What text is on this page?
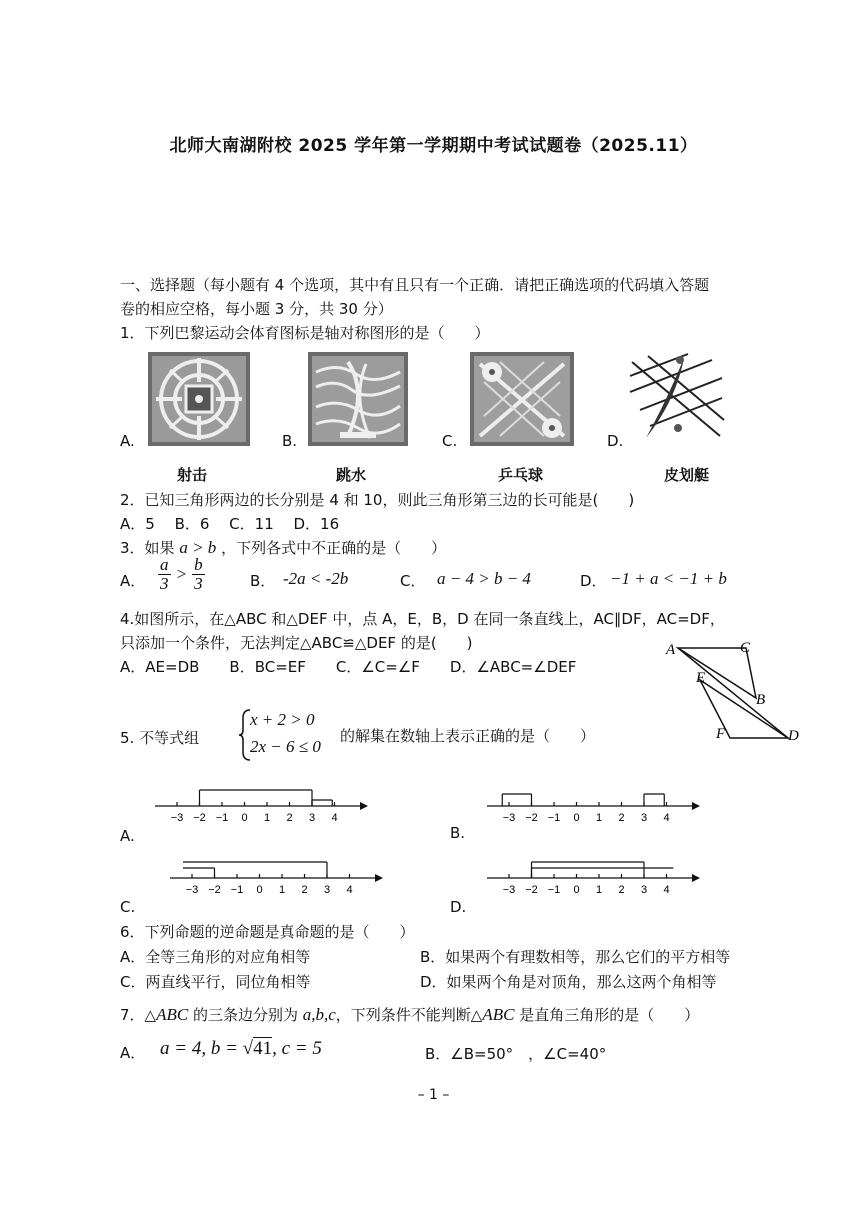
北师大南湖附校 2025 学年第一学期期中考试试题卷（2025.11）
一、选择题（每小题有 4 个选项，其中有且只有一个正确．请把正确选项的代码填入答题
卷的相应空格，每小题 3 分，共 30 分）
1．下列巴黎运动会体育图标是轴对称图形的是（　　）
A.
射击
B.
跳水
C.
乒乓球
D.
皮划艇
2．已知三角形两边的长分别是 4 和 10，则此三角形第三边的长可能是(　　)
A．5　 B．6　 C．11　 D．16
3．如果 a > b ，下列各式中不正确的是（　　）
A． $\frac{a}{3} > \frac{b}{3}$	B． -2a < -2b	C． a − 4 > b − 4	D． −1 + a < −1 + b
4.如图所示，在△ABC 和△DEF 中，点 A，E，B，D 在同一条直线上，AC∥DF，AC=DF，
只添加一个条件，无法判定△ABC≌△DEF 的是(　　)
A．AE=DB　　B．BC=EF　　C．∠C=∠F　　D．∠ABC=∠DEF
A	C
E
B
F	D
5. 不等式组
x + 2 > 0
2x − 6 ≤ 0
的解集在数轴上表示正确的是（　　）
A.
−3 −2 −1 0 1 2 3 4
B.
−3 −2 −1 0 1 2 3 4
C.
−3 −2 −1 0 1 2 3 4
D.
−3 −2 −1 0 1 2 3 4
6．下列命题的逆命题是真命题的是（　　）
A．全等三角形的对应角相等	B．如果两个有理数相等，那么它们的平方相等
C．两直线平行，同位角相等	D．如果两个角是对顶角，那么这两个角相等
7．△ABC 的三条边分别为 a,b,c，下列条件不能判断△ABC 是直角三角形的是（　　）
A． a = 4, b = √41, c = 5	B．∠B=50°　，∠C=40°
– 1 –
